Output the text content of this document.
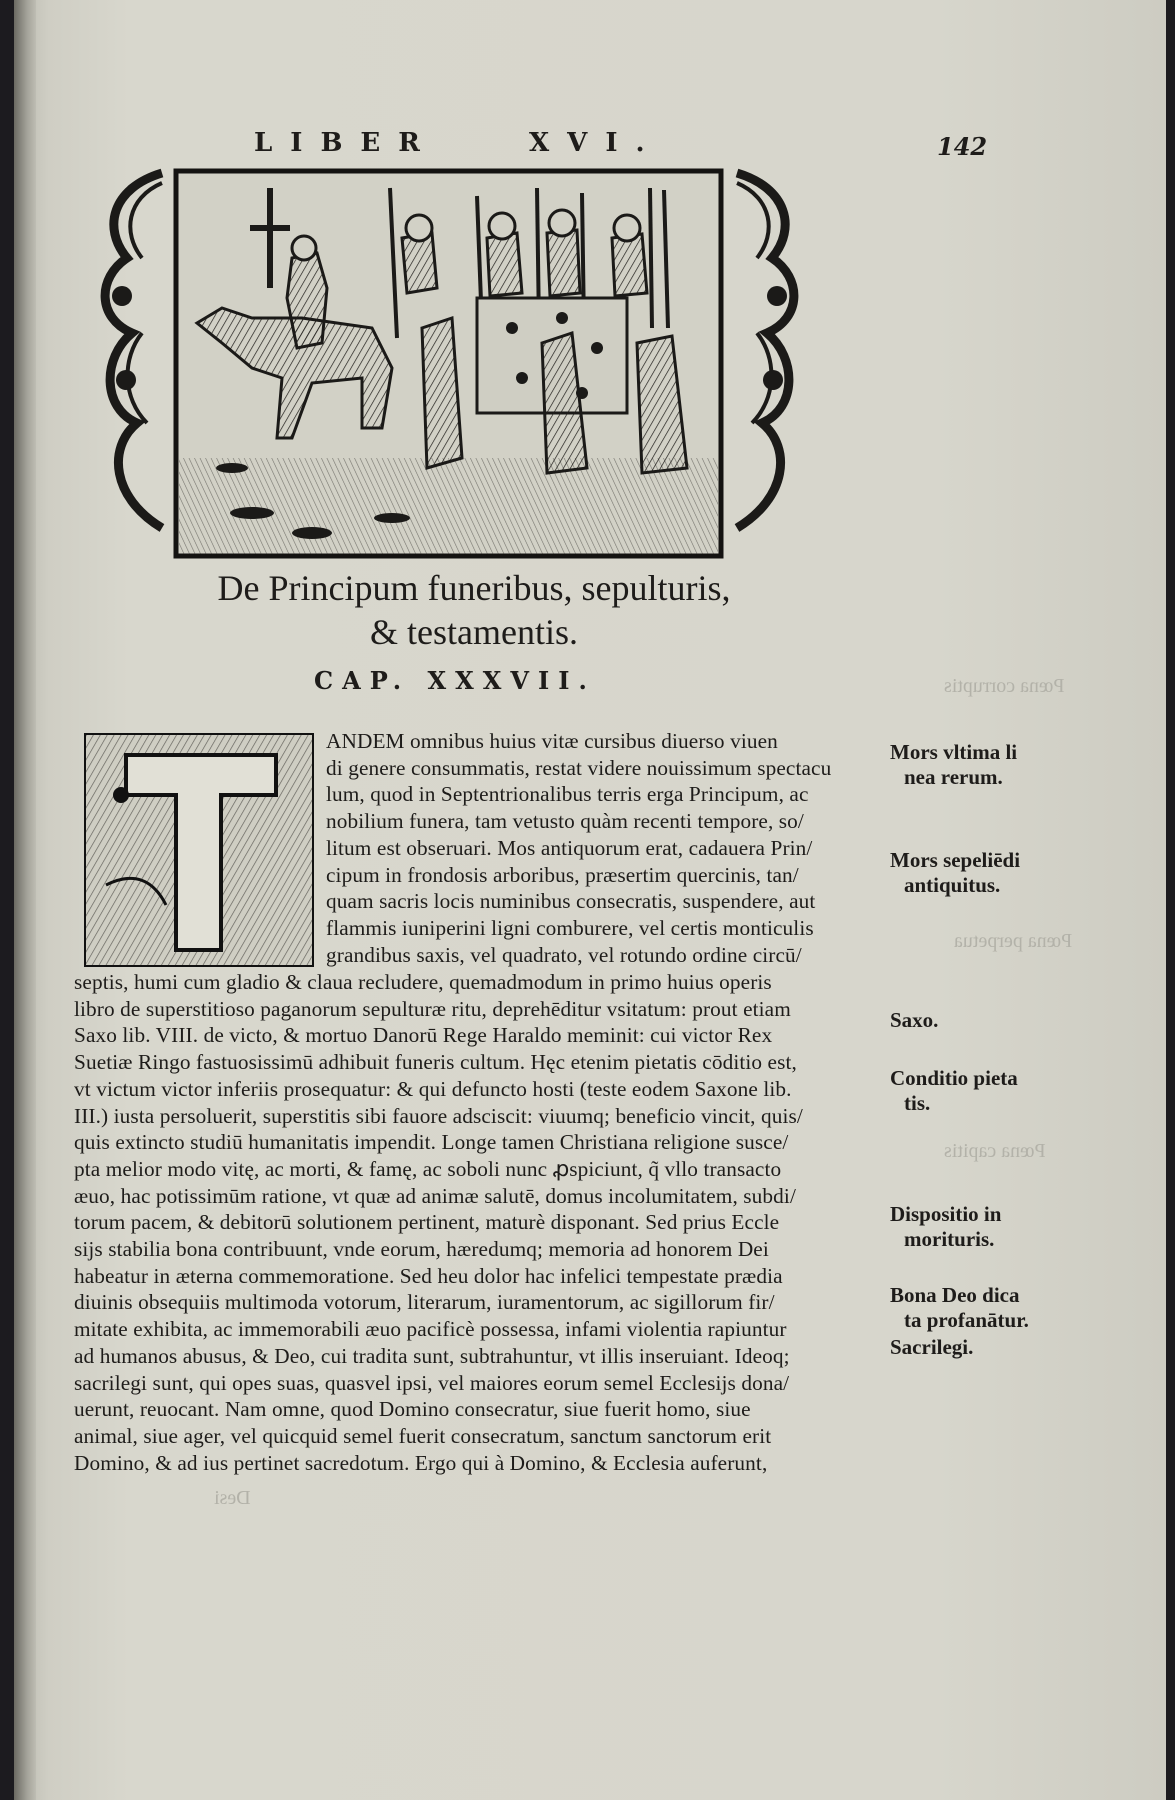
LIBER	XVI.	142
De Principum funeribus, sepulturis,
& testamentis.
CAP. XXXVII.
ANDEM omnibus huius vitæ cursibus diuerso viuen
di genere consummatis, restat videre nouissimum spectacu
lum, quod in Septentrionalibus terris erga Principum, ac
nobilium funera, tam vetusto quàm recenti tempore, so/
litum est obseruari. Mos antiquorum erat, cadauera Prin/
cipum in frondosis arboribus, præsertim quercinis, tan/
quam sacris locis numinibus consecratis, suspendere, aut
flammis iuniperini ligni comburere, vel certis monticulis
grandibus saxis, vel quadrato, vel rotundo ordine circū/
septis, humi cum gladio & claua recludere, quemadmodum in primo huius operis
libro de superstitioso paganorum sepulturæ ritu, deprehēditur vsitatum: prout etiam
Saxo lib. VIII. de victo, & mortuo Danorū Rege Haraldo meminit: cui victor Rex
Suetiæ Ringo fastuosissimū adhibuit funeris cultum. Hęc etenim pietatis cōditio est,
vt victum victor inferiis prosequatur: & qui defuncto hosti (teste eodem Saxone lib.
III.) iusta persoluerit, superstitis sibi fauore adsciscit: viuumq; beneficio vincit, quis/
quis extincto studiū humanitatis impendit. Longe tamen Christiana religione susce/
pta melior modo vitę, ac morti, & famę, ac soboli nunc ꝓspiciunt, q̃ vllo transacto
æuo, hac potissimūm ratione, vt quæ ad animæ salutē, domus incolumitatem, subdi/
torum pacem, & debitorū solutionem pertinent, maturè disponant. Sed prius Eccle
sijs stabilia bona contribuunt, vnde eorum, hæredumq; memoria ad honorem Dei
habeatur in æterna commemoratione. Sed heu dolor hac infelici tempestate prædia
diuinis obsequiis multimoda votorum, literarum, iuramentorum, ac sigillorum fir/
mitate exhibita, ac immemorabili æuo pacificè possessa, infami violentia rapiuntur
ad humanos abusus, & Deo, cui tradita sunt, subtrahuntur, vt illis inseruiant. Ideoq;
sacrilegi sunt, qui opes suas, quasvel ipsi, vel maiores eorum semel Ecclesijs dona/
uerunt, reuocant. Nam omne, quod Domino consecratur, siue fuerit homo, siue
animal, siue ager, vel quicquid semel fuerit consecratum, sanctum sanctorum erit
Domino, & ad ius pertinet sacredotum. Ergo qui à Domino, & Ecclesia auferunt,
Mors vltima li
nea rerum.
Mors sepeliēdi
antiquitus.
Saxo.
Conditio pieta
tis.
Dispositio in
morituris.
Bona Deo dica
ta profanātur.
Sacrilegi.
Pœna corruptis
Pœna perpetua
Pœna capitis
Desi
